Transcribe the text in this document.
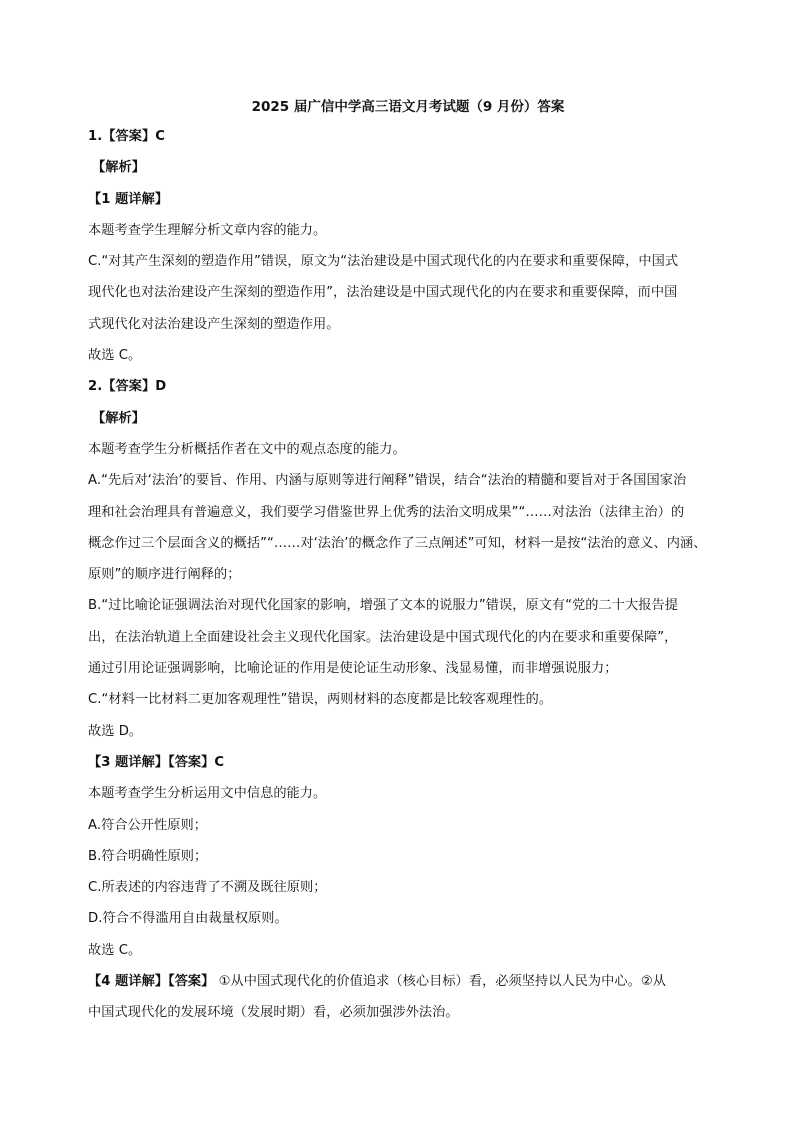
2025 届广信中学高三语文月考试题（9 月份）答案
1.【答案】C
【解析】
【1 题详解】
本题考查学生理解分析文章内容的能力。
C.“对其产生深刻的塑造作用”错误，原文为“法治建设是中国式现代化的内在要求和重要保障，中国式
现代化也对法治建设产生深刻的塑造作用”，法治建设是中国式现代化的内在要求和重要保障，而中国
式现代化对法治建设产生深刻的塑造作用。
故选 C。
2.【答案】D
【解析】
本题考查学生分析概括作者在文中的观点态度的能力。
A.“先后对‘法治’的要旨、作用、内涵与原则等进行阐释”错误，结合“法治的精髓和要旨对于各国国家治
理和社会治理具有普遍意义，我们要学习借鉴世界上优秀的法治文明成果”“……对法治（法律主治）的
概念作过三个层面含义的概括”“……对‘法治’的概念作了三点阐述”可知，材料一是按“法治的意义、内涵、
原则”的顺序进行阐释的；
B.“过比喻论证强调法治对现代化国家的影响，增强了文本的说服力”错误，原文有“党的二十大报告提
出，在法治轨道上全面建设社会主义现代化国家。法治建设是中国式现代化的内在要求和重要保障”，
通过引用论证强调影响，比喻论证的作用是使论证生动形象、浅显易懂，而非增强说服力；
C.“材料一比材料二更加客观理性”错误，两则材料的态度都是比较客观理性的。
故选 D。
【3 题详解】【答案】C
本题考查学生分析运用文中信息的能力。
A.符合公开性原则；
B.符合明确性原则；
C.所表述的内容违背了不溯及既往原则；
D.符合不得滥用自由裁量权原则。
故选 C。
【4 题详解】【答案】 ①从中国式现代化的价值追求（核心目标）看，必须坚持以人民为中心。②从
中国式现代化的发展环境（发展时期）看，必须加强涉外法治。
